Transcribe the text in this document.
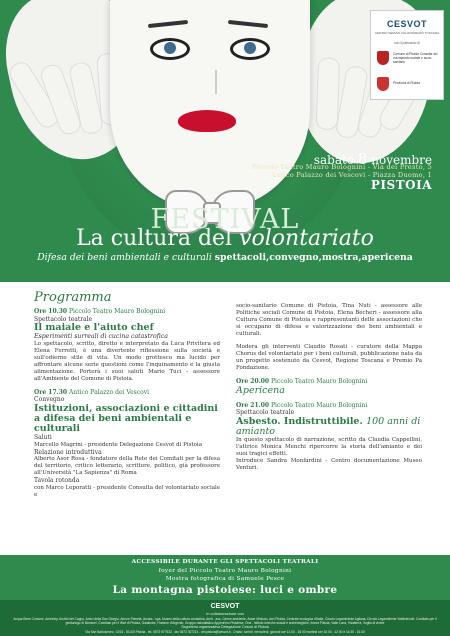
CESVOT
CENTRO SERVIZI VOLONTARIATO TOSCANA
Comune di Pistoia Consulta del volontariato sociale e socio-sanitario
Provincia di Pistoia
con il patrocinio di
sabato 8 novembre
Piccolo Teatro Mauro Bolognini - Via del Presto, 5
Antico Palazzo dei Vescovi - Piazza Duomo, 1
PISTOIA
FESTIVAL
La cultura del volontariato
Difesa dei beni ambientali e culturali spettacoli,convegno,mostra,apericena
Programma
Ore 10.30 Piccolo Teatro Mauro Bolognini
Spettacolo teatrale
Il maiale e l'aiuto chef
Esperimenti surreali di cucina catastrofica
Lo spettacolo, scritto, diretto e interpretato da Luca Privitera ed Elena Ferretti, è una divertente riflessione sulla società e sull'odierno stile di vita. Un modo grottesco ma lucido per affrontare alcune serie questioni come l'inquinamento e la giusta alimentazione. Porterà i suoi saluti Mario Tuci - assessore all'Ambiente del Comune di Pistoia.
Ore 17.30 Antico Palazzo dei Vescovi
Convegno
Istituzioni, associazioni e cittadini a difesa dei beni ambientali e culturali
Saluti
Marcello Magrini - presidente Delegazione Cesvot di Pistoia
Relazione introduttiva
Alberto Asor Rosa - fondatore della Rete dei Comitati per la difesa del territorio, critico letterario, scrittore, politico, già professore all'Università "La Sapienza" di Roma
Tavola rotonda
con Marco Leporatti - presidente Consulta del volontariato sociale e
socio-sanitario Comune di Pistoia, Tina Nuti - assessore alle Politiche sociali Comune di Pistoia, Elena Becheri - assessore alla Cultura Comune di Pistoia e rappresentanti delle associazioni che si occupano di difesa e valorizzazione dei beni ambientali e culturali.
Modera gli interventi Claudio Rosati - curatore della Mappa Chorus del volontariato per i beni culturali, pubblicazione nata da un progetto sostenuto da Cesvot, Regione Toscana e Premio Pa Fondazione.
Ore 20.00 Piccolo Teatro Mauro Bolognini
Apericena
Ore 21.00 Piccolo Teatro Mauro Bolognini
Spettacolo teatrale
Asbesto. Indistruttibile. 100 anni di amianto
In questo spettacolo di narrazione, scritto da Claudia Cappellini, l'attrice Monica Menchi ripercorre la storia dell'amianto e dei suoi tragici effetti.
Introduce Sandra Monfardini - Centro documentazione Museo Venturi.
ACCESSIBILE DURANTE GLI SPETTACOLI TEATRALI
foyer del Piccolo Teatro Mauro Bolognini
Mostra fotografica di Samuele Pesce
La montagna pistoiese: luci e ombre
CESVOT
In collaborazione con
Acqua Bene Comune, Amnesty, Archivi del Cappo, Amici della San Giorgio, Amore Pianeta, Arcara - spa, Museo della cultura contadina, Aerit - asc, Cerme ambiente, Avser Miriculo, Arci Pistoia, Centrale ecologica d'Italia, Circolo Legambiente Agliana, Circolo Legambiente Valdinievole, Comitato per il geoturisgo di Monsoni, Comitato per il WwI di Pistoia, Gaiabobe, Fiamme d'Argento, Gruppo naturalistico Appennino Pistoiese, Ona - Istituto ricerche sociali e archeologiche, Ilnova Pistoia, Valle Luna, Vivalterra, Voglia di vivere
Segreteria organizzativa Delegazione Cesvot di Pistoia
Via San Bartolomeo, 13/15 - 51100 Pistoia - tel. 0573 977532 - fax 0573 307214 - del.pistoia@cesvot.it - Orario: lunedì, mercoledì, giovedì ore 14.00 - 18.00 martedì ore 10.00 - 12.00 e 14.30 - 16.00
